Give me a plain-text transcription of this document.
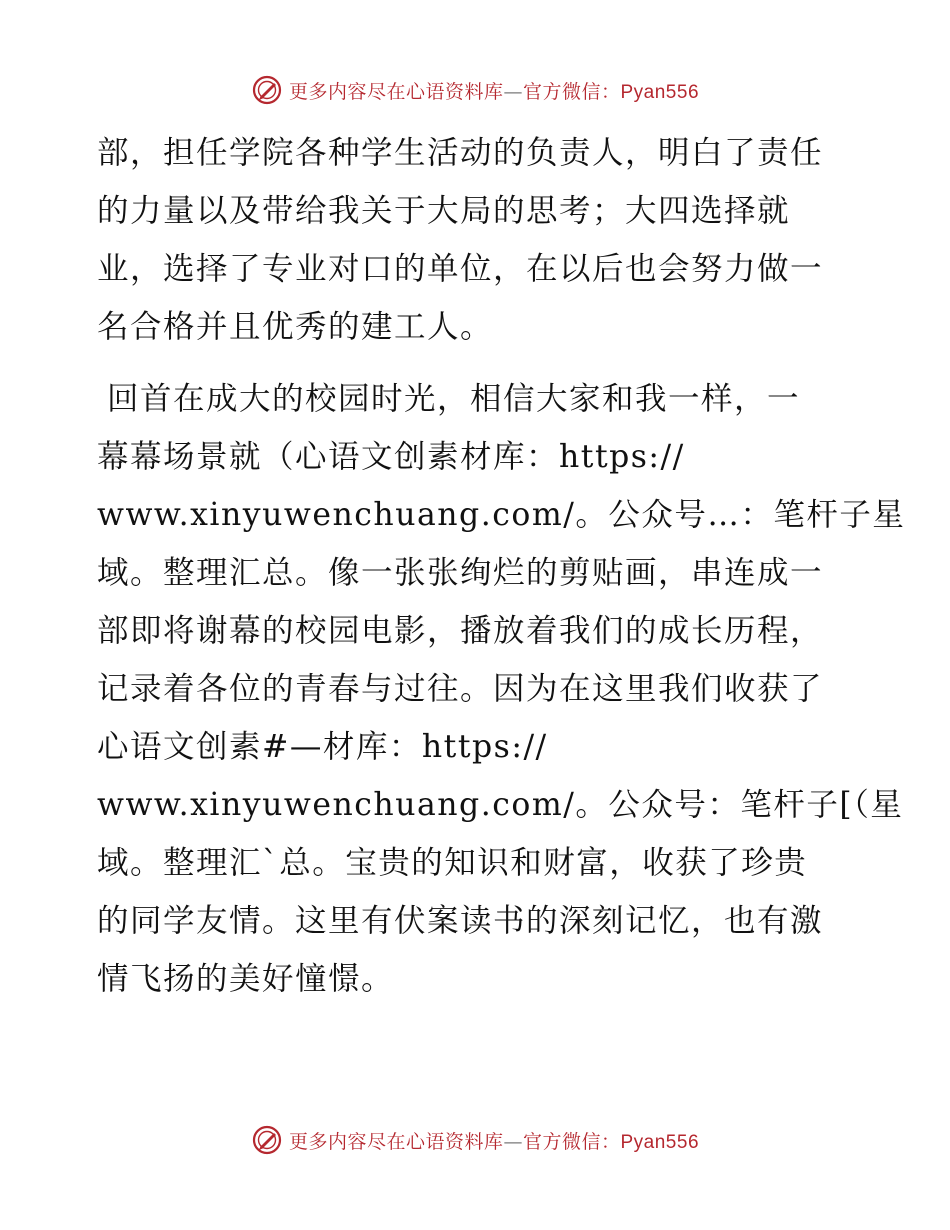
更多内容尽在心语资料库—官方微信：Pyan556

部，担任学院各种学生活动的负责人，明白了责任
的力量以及带给我关于大局的思考；大四选择就
业，选择了专业对口的单位，在以后也会努力做一
名合格并且优秀的建工人。

回首在成大的校园时光，相信大家和我一样，一
幕幕场景就（心语文创素材库：https://
www.xinyuwenchuang.com/。公众号…：笔杆子星
域。整理汇总。像一张张绚烂的剪贴画，串连成一
部即将谢幕的校园电影，播放着我们的成长历程，
记录着各位的青春与过往。因为在这里我们收获了
心语文创素#—材库：https://
www.xinyuwenchuang.com/。公众号：笔杆子[（星
域。整理汇ˋ总。宝贵的知识和财富，收获了珍贵
的同学友情。这里有伏案读书的深刻记忆，也有激
情飞扬的美好憧憬。

更多内容尽在心语资料库—官方微信：Pyan556
